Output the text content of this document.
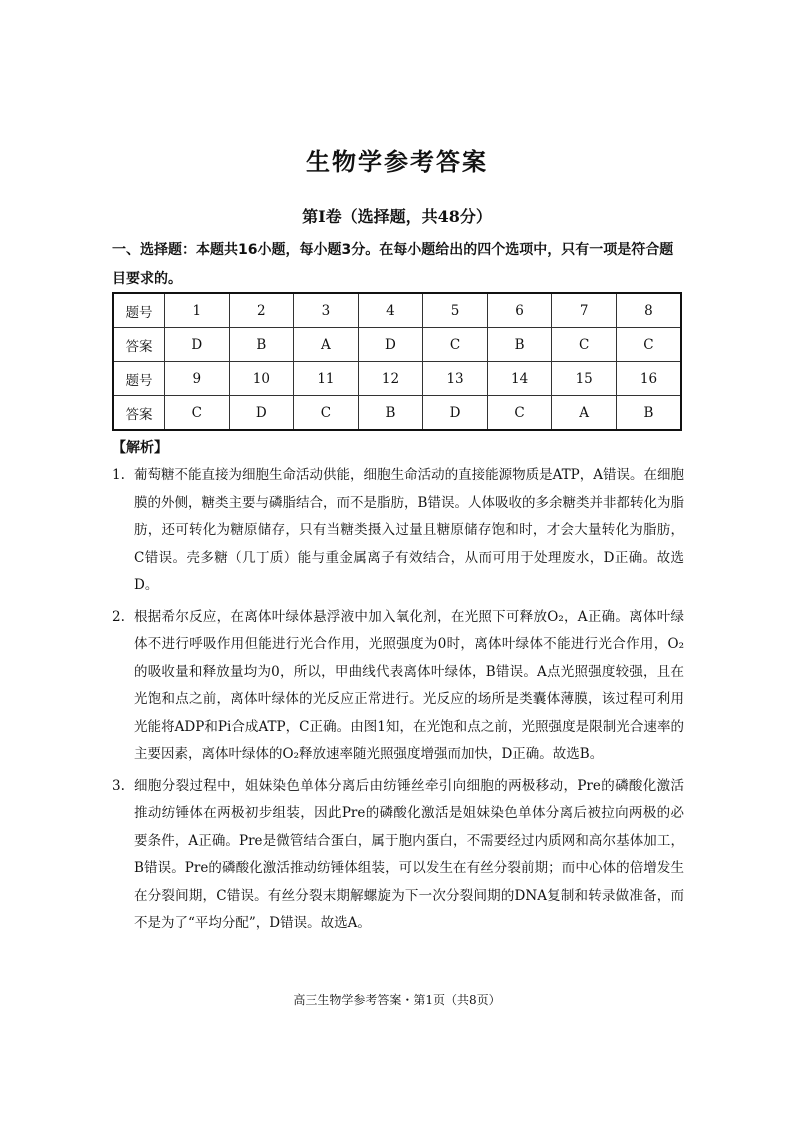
生物学参考答案
第Ⅰ卷（选择题，共48分）
一、选择题：本题共16小题，每小题3分。在每小题给出的四个选项中，只有一项是符合题目要求的。
题号	1	2	3	4	5	6	7	8
答案	D	B	A	D	C	B	C	C
题号	9	10	11	12	13	14	15	16
答案	C	D	C	B	D	C	A	B
【解析】
1. 葡萄糖不能直接为细胞生命活动供能，细胞生命活动的直接能源物质是ATP，A错误。在细胞膜的外侧，糖类主要与磷脂结合，而不是脂肪，B错误。人体吸收的多余糖类并非都转化为脂肪，还可转化为糖原储存，只有当糖类摄入过量且糖原储存饱和时，才会大量转化为脂肪，C错误。壳多糖（几丁质）能与重金属离子有效结合，从而可用于处理废水，D正确。故选D。
2. 根据希尔反应，在离体叶绿体悬浮液中加入氧化剂，在光照下可释放O₂，A正确。离体叶绿体不进行呼吸作用但能进行光合作用，光照强度为0时，离体叶绿体不能进行光合作用，O₂的吸收量和释放量均为0，所以，甲曲线代表离体叶绿体，B错误。A点光照强度较强，且在光饱和点之前，离体叶绿体的光反应正常进行。光反应的场所是类囊体薄膜，该过程可利用光能将ADP和Pi合成ATP，C正确。由图1知，在光饱和点之前，光照强度是限制光合速率的主要因素，离体叶绿体的O₂释放速率随光照强度增强而加快，D正确。故选B。
3. 细胞分裂过程中，姐妹染色单体分离后由纺锤丝牵引向细胞的两极移动，Pre的磷酸化激活推动纺锤体在两极初步组装，因此Pre的磷酸化激活是姐妹染色单体分离后被拉向两极的必要条件，A正确。Pre是微管结合蛋白，属于胞内蛋白，不需要经过内质网和高尔基体加工，B错误。Pre的磷酸化激活推动纺锤体组装，可以发生在有丝分裂前期；而中心体的倍增发生在分裂间期，C错误。有丝分裂末期解螺旋为下一次分裂间期的DNA复制和转录做准备，而不是为了“平均分配”，D错误。故选A。
高三生物学参考答案・第1页（共8页）
